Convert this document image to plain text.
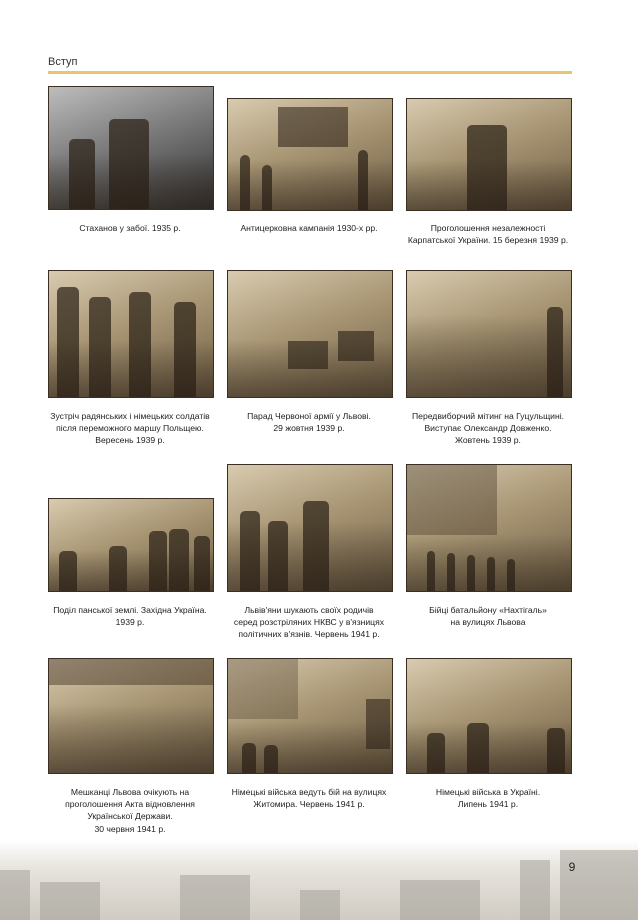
Вступ
Стаханов у забої. 1935 р.	Антицерковна кампанія 1930-х рр.	Проголошення незалежності
Карпатської України. 15 березня 1939 р.
Зустріч радянських і німецьких солдатів
після переможного маршу Польщею.
Вересень 1939 р.
Парад Червоної армії у Львові.
29 жовтня 1939 р.
Передвиборчий мітинг на Гуцульщині.
Виступає Олександр Довженко.
Жовтень 1939 р.
Поділ панської землі. Західна Україна.
1939 р.
Львів'яни шукають своїх родичів
серед розстріляних НКВС у в'язницях
політичних в'язнів. Червень 1941 р.
Бійці батальйону «Нахтігаль»
на вулицях Львова
Мешканці Львова очікують на
проголошення Акта відновлення
Української Держави.
30 червня 1941 р.
Німецькі війська ведуть бій на вулицях
Житомира. Червень 1941 р.
Німецькі війська в Україні.
Липень 1941 р.
9
